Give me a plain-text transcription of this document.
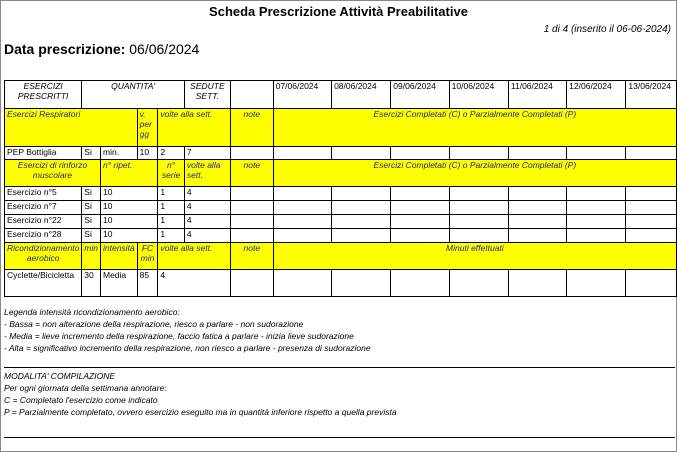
Scheda Prescrizione Attività Preabilitative
1 di 4 (inserito il 06-06-2024)
Data prescrizione: 06/06/2024
ESERCIZI PRESCRITTI	QUANTITA'				SEDUTE SETT.		07/06/2024	08/06/2024	09/06/2024	10/06/2024	11/06/2024	12/06/2024	13/06/2024
Esercizi Respiratori			v. per gg	volte alla sett.		note	Esercizi Completati (C) o Parzialmente Completati (P)						
PEP Bottiglia	Si	min.	10	2	7								
Esercizi di rinforzo muscolare		n° ripet.		n° serie	volte alla sett.	note	Esercizi Completati (C) o Parzialmente Completati (P)						
Esercizio n°5	Si	10		1	4								
Esercizio n°7	Si	10		1	4								
Esercizio n°22	Si	10		1	4								
Esercizio n°28	Si	10		1	4								
Ricondizionamento aerobico	min	intensità	FC min	volte alla sett.		note	Minuti effettuati						
Cyclette/Bicicletta	30	Media	85	4									
Legenda intensità ricondizionamento aerobico:
- Bassa = non alterazione della respirazione, riesco a parlare - non sudorazione
- Media = lieve incremento della respirazione, faccio fatica a parlare - inizia lieve sudorazione
- Alta = significativo incremento della respirazione, non riesco a parlare - presenza di sudorazione
MODALITA' COMPILAZIONE
Per ogni giornata della settimana annotare:
C = Completato l'esercizio come indicato
P = Parzialmente completato, ovvero esercizio eseguito ma in quantità inferiore rispetto a quella prevista
